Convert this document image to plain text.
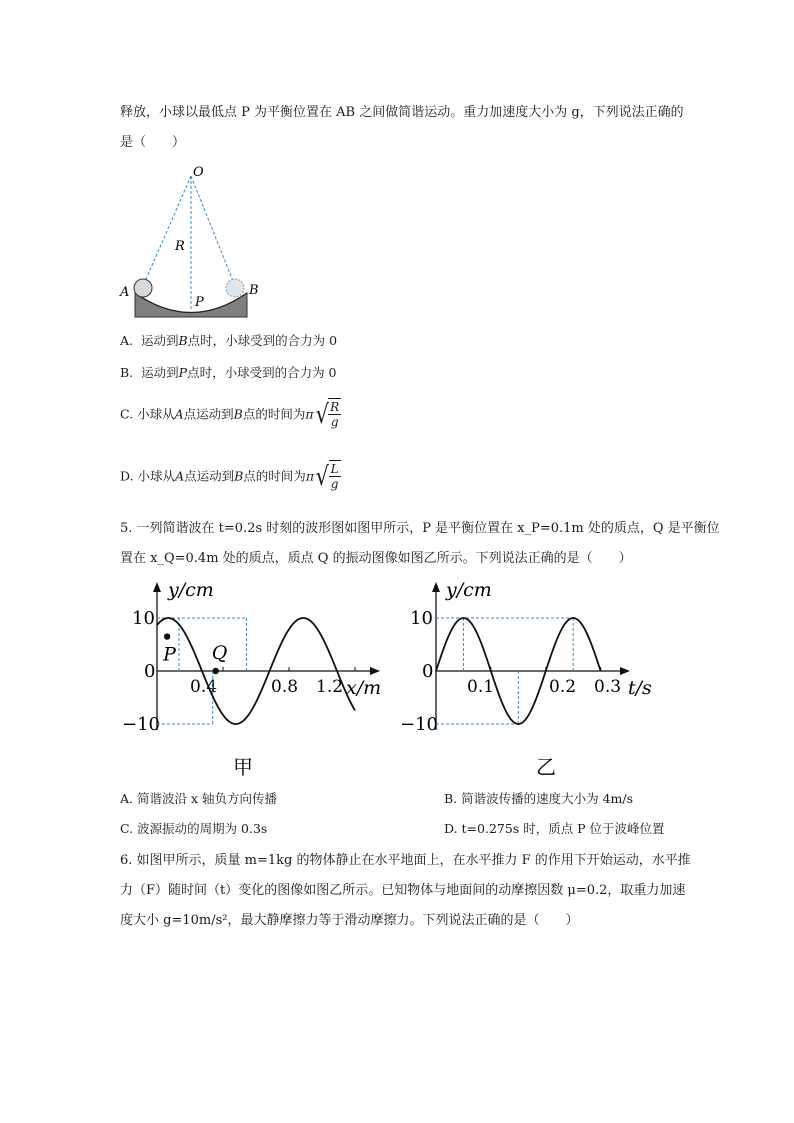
释放，小球以最低点 P 为平衡位置在 AB 之间做简谐运动。重力加速度大小为 g，下列说法正确的
是（　　）
O
R
A	B
P
A. 运动到B点时，小球受到的合力为 0
B. 运动到P点时，小球受到的合力为 0
C. 小球从A点运动到B点的时间为π √ $\frac{R}{g}$
D. 小球从A点运动到B点的时间为π √ $\frac{L}{g}$
5. 一列简谐波在 t=0.2s 时刻的波形图如图甲所示，P 是平衡位置在 x_P=0.1m 处的质点，Q 是平衡位
置在 x_Q=0.4m 处的质点，质点 Q 的振动图像如图乙所示。下列说法正确的是（　　）
y/cm
x/m
10
0
−10
0.4	0.8 1.2
甲
P Q
y/cm
t/s
10
0
−10
0.1	0.2 0.3
乙
A. 简谐波沿 x 轴负方向传播	B. 简谐波传播的速度大小为 4m/s
C. 波源振动的周期为 0.3s	D. t=0.275s 时，质点 P 位于波峰位置
6. 如图甲所示，质量 m=1kg 的物体静止在水平地面上，在水平推力 F 的作用下开始运动，水平推
力（F）随时间（t）变化的图像如图乙所示。已知物体与地面间的动摩擦因数 μ=0.2，取重力加速
度大小 g=10m/s²，最大静摩擦力等于滑动摩擦力。下列说法正确的是（　　）
